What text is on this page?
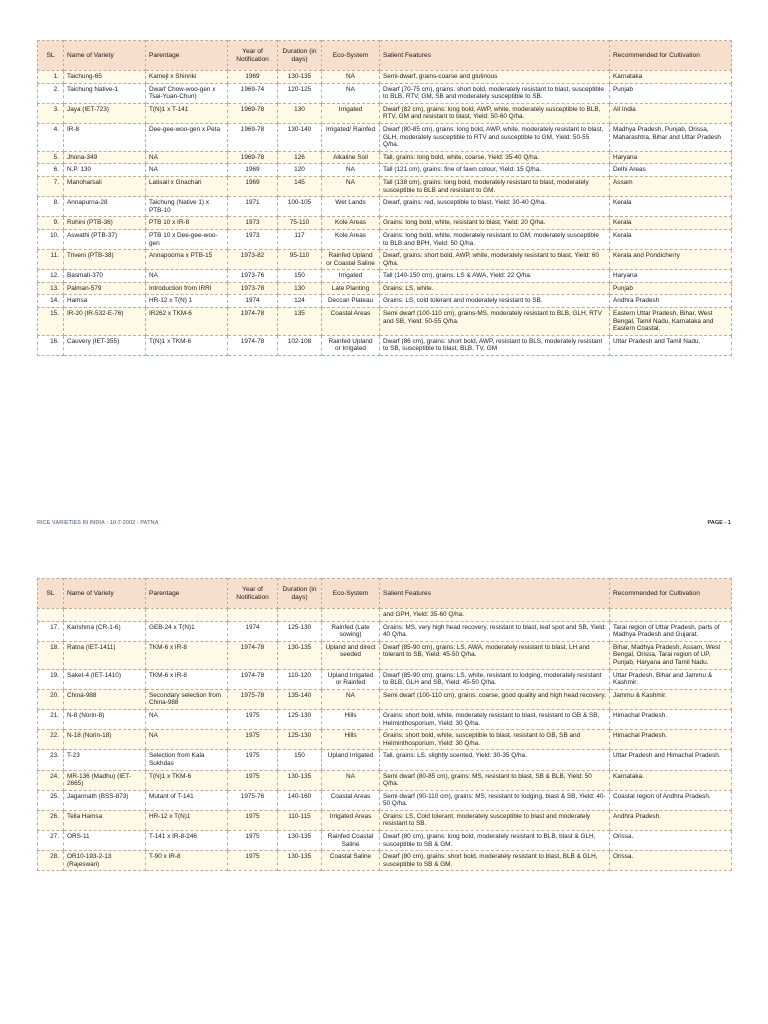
SL	Name of Variety	Parentage	Year of Notification	Duration (in days)	Eco-System	Salient Features	Recommended for Cultivation
1.	Taichung-65	Kamejl x Shinriki	1969	130-135	NA	Semi-dwarf, grains-coarse and glutinous	Karnataka
2.	Taichung Native-1	Dwarf Chow-woo-gen x Tsai-Yuan-Chun)	1969-74	120-125	NA	Dwarf (70-75 cm), grains: short bold, moderately resistant to blast, susceptible to BLB, RTV, GM, SB and moderately susceptible to SB.	Punjab
3.	Jaya (IET-723)	T(N)1 x T-141	1969-78	130	Irrigated	Dwarf (82 cm), grains: long bold, AWP, white, moderately susceptible to BLB, RTV, GM and resistant to blast, Yield: 50-60 Q/ha.	All India
4.	IR-8	Dee-gee-woo-gen x Peta	1969-78	130-140	Irrigated/ Rainfed	Dwarf (80-85 cm), grains: long bold, AWP, white, moderately resistant to blast, GLH, moderately susceptible to RTV and susceptible to GM, Yield: 50-55 Q/ha.	Madhya Pradesh, Punjab, Orissa, Maharashtra, Bihar and Uttar Pradesh
5.	Jhona-349	NA	1969-78	126	Alkaline Soil	Tall, grains: long bold, white, coarse, Yield: 35-40 Q/ha.	Haryana
6.	N.P. 130	NA	1969	120	NA	Tall (121 cm), grains: fine of fawn colour, Yield: 15 Q/ha.	Delhi Areas
7.	Manoharsali	Latisail x Gnachari	1969	145	NA	Tall (138 cm), grains: long bold, moderately resistant to blast, moderately susceptible to BLB and resistant to GM.	Assam
8.	Annapurna-28	Taichung (Native 1) x PTB-10	1971	100-105	Wet Lands	Dwarf, grains: red, susceptible to blast, Yield: 30-40 Q/ha.	Kerala
9.	Rohini (PTB-36)	PTB 10 x IR-8	1973	75-110	Kole Areas	Grains: long bold, white, resistant to blast, Yield: 20 Q/ha.	Kerala
10.	Aswathi (PTB-37)	PTB 10 x Dee-gee-woo-gen	1973	117	Kole Areas	Grains: long bold, white, moderately resistant to GM, moderately susceptible to BLB and BPH, Yield: 50 Q/ha.	Kerala
11.	Triveni (PTB-38)	Annapoorna x PTB-15	1973-82	95-110	Rainfed Upland or Coastal Saline	Dwarf, grains: short bold, AWP, white, moderately resistant to blast, Yield: 60 Q/ha.	Kerala and Pondicherry
12.	Basmati-370	NA	1973-76	150	Irrigated	Tall (140-150 cm), grains: LS & AWA, Yield: 22 Q/ha.	Haryana
13.	Palman-579	Introduction from IRRI	1973-78	130	Late Planting	Grains: LS, white.	Punjab
14.	Hamsa	HR-12 x T(N) 1	1974	124	Deccan Plateau	Grains: LS, cold tolerant and moderately resistant to SB.	Andhra Pradesh
15.	IR-20 (IR-532-E-76)	IR262 x TKM-6	1974-78	135	Coastal Areas	Semi dwarf (100-110 cm), grains-MS, moderately resistant to BLB, GLH, RTV and SB, Yield: 50-55 Q/ha.	Eastern Uttar Pradesh, Bihar, West Bengal, Tamil Nadu, Karnataka and Eastern Coastal.
16.	Cauvery (IET-355)	T(N)1 x TKM-6	1974-78	102-108	Rainfed Upland or Irrigated	Dwarf (86 cm), grains: short bold, AWP, resistant to BLS, moderately resistant to SB, susceptible to blast, BLB, TV, GM	Uttar Pradesh and Tamil Nadu.
RICE VARIETIES IN INDIA : 10-7-2002 : PATNA	PAGE - 1
SL	Name of Variety	Parentage	Year of Notification	Duration (in days)	Eco-System	Salient Features	Recommended for Cultivation
						and GPH, Yield: 35-60 Q/ha.	
17.	Karishma (CR-1-6)	GEB-24 x T(N)1	1974	125-130	Rainfed (Late sowing)	Grains: MS, very high head recovery, resistant to blast, leaf spot and SB, Yield: 40 Q/ha.	Tarai region of Uttar Pradesh, parts of Madhya Pradesh and Gujarat.
18.	Ratna (IET-1411)	TKM-6 x IR-8	1974-78	130-135	Upland and direct seeded	Dwarf (85-90 cm), grains: LS, AWA, moderately resistant to blast, LH and tolerant to SB, Yield: 45-50 Q/ha.	Bihar, Madhya Pradesh, Assam, West Bengal, Orissa, Tarai region of UP, Punjab, Haryana and Tamil Nadu.
19.	Saket-4 (IET-1410)	TKM-6 x IR-8	1974-78	110-120	Upland Irrigated or Rainfed	Dwarf (85-90 cm), grains: LS, white, resistant to lodging, moderately resistant to BLB, GLH and SB, Yield: 45-50 Q/ha.	Uttar Pradesh, Bihar and Jammu & Kashmir.
20.	China-988	Secondary selection from China-988	1975-78	135-140	NA	Semi dwarf (100-110 cm), grains: coarse, good quality and high head recovery.	Jammu & Kashmir.
21.	N-8 (Norin-8)	NA	1975	125-130	Hills	Grains: short bold, white, moderately resistant to blast, resistant to GB & SB, Helminthosporium, Yield: 30 Q/ha.	Himachal Pradesh.
22.	N-18 (Norin-18)	NA	1975	125-130	Hills	Grains: short bold, white, susceptible to blast, resistant to GB, SB and Helminthosporium, Yield: 30 Q/ha.	Himachal Pradesh.
23.	T-23	Selection from Kala Sukhdas	1975	150	Upland Irrigated	Tall, grains: LS, slightly scented, Yield: 30-35 Q/ha.	Uttar Pradesh and Himachal Pradesh.
24.	MR-136 (Madhu) (IET-2665)	T(N)1 x TKM-6	1975	130-135	NA	Semi dwarf (80-85 cm), grains: MS, resistant to blast, SB & BLB, Yield: 50 Q/ha.	Karnataka.
25.	Jagannath (BSS-873)	Mutant of T-141	1975-76	140-160	Coastal Areas	Semi dwarf (90-110 cm), grains: MS, resistant to lodging, blast & SB, Yield: 40-50 Q/ha.	Coastal region of Andhra Pradesh.
26.	Tella Hamsa	HR-12 x T(N)1	1975	110-115	Irrigated Areas	Grains: LS, Cold tolerant, moderately susceptible to blast and moderately resistant to SB.	Andhra Pradesh.
27.	ORS-11	T-141 x IR-8-246	1975	130-135	Rainfed Coastal Saline	Dwarf (80 cm), grains: long bold, moderately resistant to BLB, blast & GLH, susceptible to SB & GM.	Orissa.
28.	OR10-193-2-13 (Rajeswari)	T-90 x IR-8	1975	130-135	Coastal Saline	Dwarf (80 cm), grains: short bold, moderately resistant to blast, BLB & GLH, susceptible to SB & GM.	Orissa.
